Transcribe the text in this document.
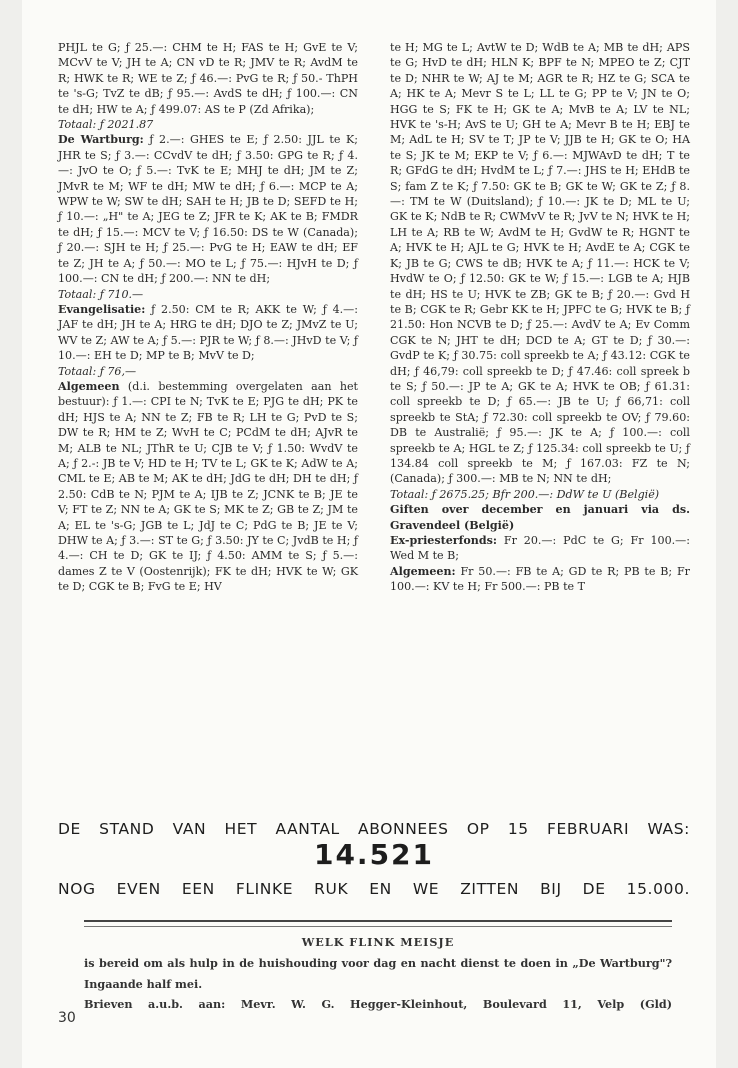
PHJL te G; ƒ 25.—: CHM te H; FAS te H; GvE te V; MCvV te V; JH te A; CN vD te R; JMV te R; AvdM te R; HWK te R; WE te Z; ƒ 46.—: PvG te R; ƒ 50.- ThPH te 's-G; TvZ te dB; ƒ 95.—: AvdS te dH; ƒ 100.—: CN te dH; HW te A; ƒ 499.07: AS te P (Zd Afrika);

Totaal: ƒ 2021.87

De Wartburg: ƒ 2.—: GHES te E; ƒ 2.50: JJL te K; JHR te S; ƒ 3.—: CCvdV te dH; ƒ 3.50: GPG te R; ƒ 4.—: JvO te O; ƒ 5.—: TvK te E; MHJ te dH; JM te Z; JMvR te M; WF te dH; MW te dH; ƒ 6.—: MCP te A; WPW te W; SW te dH; SAH te H; JB te D; SEFD te H; ƒ 10.—: „H" te A; JEG te Z; JFR te K; AK te B; FMDR te dH; ƒ 15.—: MCV te V; ƒ 16.50: DS te W (Canada); ƒ 20.—: SJH te H; ƒ 25.—: PvG te H; EAW te dH; EF te Z; JH te A; ƒ 50.—: MO te L; ƒ 75.—: HJvH te D; ƒ 100.—: CN te dH; ƒ 200.—: NN te dH;

Totaal: ƒ 710.—

Evangelisatie: ƒ 2.50: CM te R; AKK te W; ƒ 4.—: JAF te dH; JH te A; HRG te dH; DJO te Z; JMvZ te U; WV te Z; AW te A; ƒ 5.—: PJR te W; ƒ 8.—: JHvD te V; ƒ 10.—: EH te D; MP te B; MvV te D;

Totaal: ƒ 76,—

Algemeen (d.i. bestemming overgelaten aan het bestuur): ƒ 1.—: CPI te N; TvK te E; PJG te dH; PK te dH; HJS te A; NN te Z; FB te R; LH te G; PvD te S; DW te R; HM te Z; WvH te C; PCdM te dH; AJvR te M; ALB te NL; JThR te U; CJB te V; ƒ 1.50: WvdV te A; ƒ 2.-: JB te V; HD te H; TV te L; GK te K; AdW te A; CML te E; AB te M; AK te dH; JdG te dH; DH te dH; ƒ 2.50: CdB te N; PJM te A; IJB te Z; JCNK te B; JE te V; FT te Z; NN te A; GK te S; MK te Z; GB te Z; JM te A; EL te 's-G; JGB te L; JdJ te C; PdG te B; JE te V; DHW te A; ƒ 3.—: ST te G; ƒ 3.50: JY te C; JvdB te H; ƒ 4.—: CH te D; GK te IJ; ƒ 4.50: AMM te S; ƒ 5.—: dames Z te V (Oostenrijk); FK te dH; HVK te W; GK te D; CGK te B; FvG te E; HV

te H; MG te L; AvtW te D; WdB te A; MB te dH; APS te G; HvD te dH; HLN K; BPF te N; MPEO te Z; CJT te D; NHR te W; AJ te M; AGR te R; HZ te G; SCA te A; HK te A; Mevr S te L; LL te G; PP te V; JN te O; HGG te S; FK te H; GK te A; MvB te A; LV te NL; HVK te 's-H; AvS te U; GH te A; Mevr B te H; EBJ te M; AdL te H; SV te T; JP te V; JJB te H; GK te O; HA te S; JK te M; EKP te V; ƒ 6.—: MJWAvD te dH; T te R; GFdG te dH; HvdM te L; ƒ 7.—: JHS te H; EHdB te S; fam Z te K; ƒ 7.50: GK te B; GK te W; GK te Z; ƒ 8.—: TM te W (Duitsland); ƒ 10.—: JK te D; ML te U; GK te K; NdB te R; CWMvV te R; JvV te N; HVK te H; LH te A; RB te W; AvdM te H; GvdW te R; HGNT te A; HVK te H; AJL te G; HVK te H; AvdE te A; CGK te K; JB te G; CWS te dB; HVK te A; ƒ 11.—: HCK te V; HvdW te O; ƒ 12.50: GK te W; ƒ 15.—: LGB te A; HJB te dH; HS te U; HVK te ZB; GK te B; ƒ 20.—: Gvd H te B; CGK te R; Gebr KK te H; JPFC te G; HVK te B; ƒ 21.50: Hon NCVB te D; ƒ 25.—: AvdV te A; Ev Comm CGK te N; JHT te dH; DCD te A; GT te D; ƒ 30.—: GvdP te K; ƒ 30.75: coll spreekb te A; ƒ 43.12: CGK te dH; ƒ 46,79: coll spreekb te D; ƒ 47.46: coll spreek b te S; ƒ 50.—: JP te A; GK te A; HVK te OB; ƒ 61.31: coll spreekb te D; ƒ 65.—: JB te U; ƒ 66,71: coll spreekb te StA; ƒ 72.30: coll spreekb te OV; ƒ 79.60: DB te Australië; ƒ 95.—: JK te A; ƒ 100.—: coll spreekb te A; HGL te Z; ƒ 125.34: coll spreekb te U; ƒ 134.84 coll spreekb te M; ƒ 167.03: FZ te N; (Canada); ƒ 300.—: MB te N; NN te dH;

Totaal: ƒ 2675.25; Bfr 200.—: DdW te U (België)

Giften over december en januari via ds. Gravendeel (België)

Ex-priesterfonds: Fr 20.—: PdC te G; Fr 100.—: Wed M te B;

Algemeen: Fr 50.—: FB te A; GD te R; PB te B; Fr 100.—: KV te H; Fr 500.—: PB te T

DE STAND VAN HET AANTAL ABONNEES OP 15 FEBRUARI WAS:
14.521
NOG EVEN EEN FLINKE RUK EN WE ZITTEN BIJ DE 15.000.
WELK FLINK MEISJE
is bereid om als hulp in de huishouding voor dag en nacht dienst te doen in „De Wartburg"? Ingaande half mei.
Brieven a.u.b. aan: Mevr. W. G. Hegger-Kleinhout, Boulevard 11, Velp (Gld)
30
